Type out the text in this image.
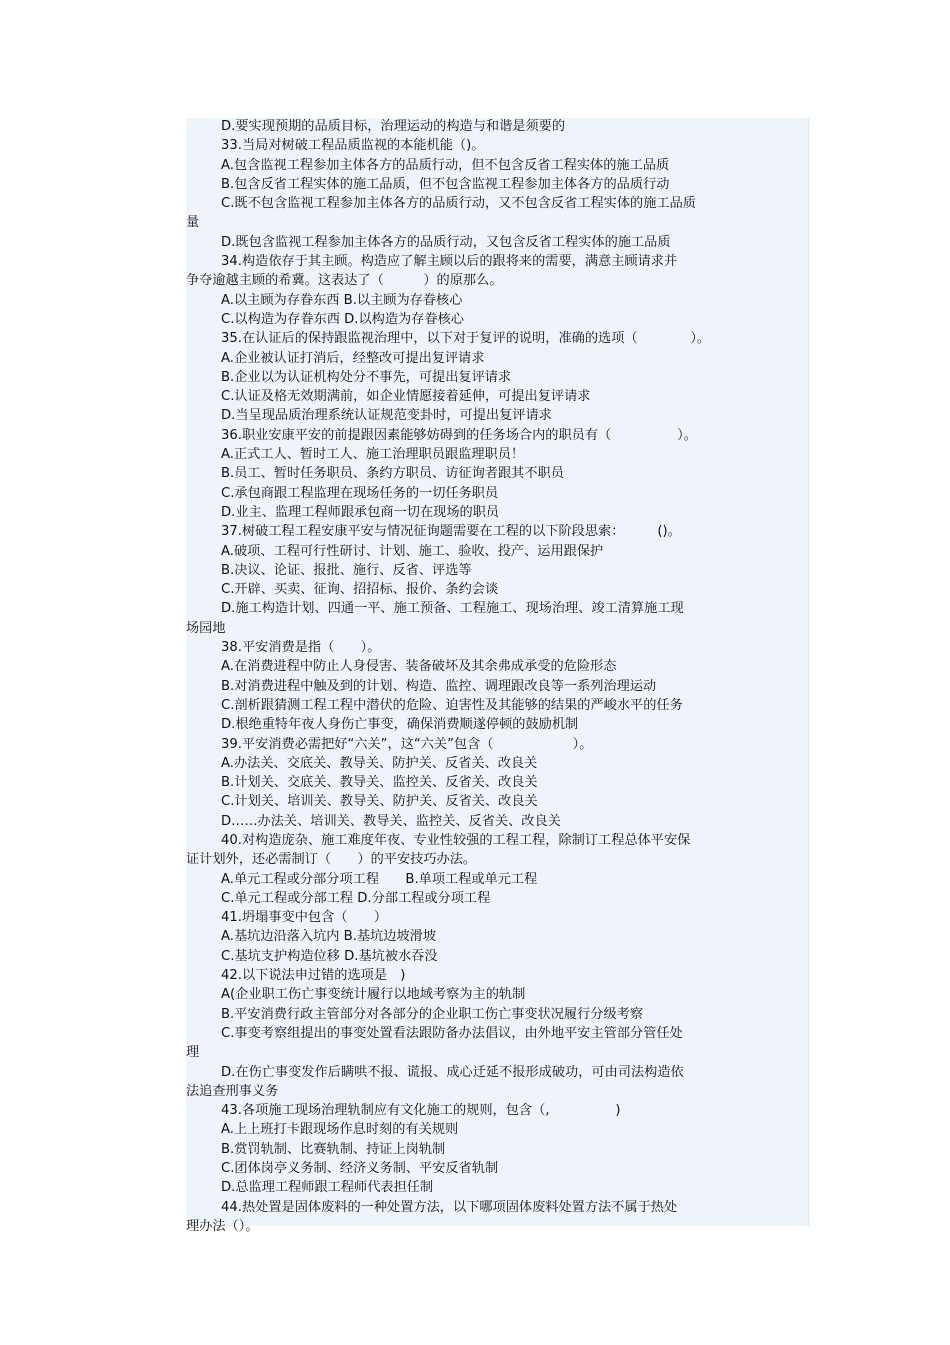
D.要实现预期的品质目标，治理运动的构造与和谐是须要的
33.当局对树破工程品质监视的本能机能（)。
A.包含监视工程参加主体各方的品质行动，但不包含反省工程实体的施工品质
B.包含反省工程实体的施工品质，但不包含监视工程参加主体各方的品质行动
C.既不包含监视工程参加主体各方的品质行动，又不包含反省工程实体的施工品质
量
D.既包含监视工程参加主体各方的品质行动，又包含反省工程实体的施工品质
34.构造依存于其主顾。构造应了解主顾以后的跟将来的需要，满意主顾请求并
争夺逾越主顾的希冀。这表达了（　　　）的原那么。
A.以主顾为存眷东西 B.以主顾为存眷核心
C.以构造为存眷东西 D.以构造为存眷核心
35.在认证后的保持跟监视治理中，以下对于复评的说明，准确的选项（　　　　）。
A.企业被认证打消后，经整改可提出复评请求
B.企业以为认证机构处分不事先，可提出复评请求
C.认证及格无效期满前，如企业情愿接着延伸，可提出复评请求
D.当呈现品质治理系统认证规范变卦时，可提出复评请求
36.职业安康平安的前提跟因素能够妨碍到的任务场合内的职员有（　　　　　）。
A.正式工人、暂时工人、施工治理职员跟监理职员！
B.员工、暂时任务职员、条约方职员、访征询者跟其不职员
C.承包商跟工程监理在现场任务的一切任务职员
D.业主、监理工程师跟承包商一切在现场的职员
37.树破工程工程安康平安与情况征询题需要在工程的以下阶段思索：　　　()。
A.破项、工程可行性研讨、计划、施工、验收、投产、运用跟保护
B.决议、论证、报批、施行、反省、评选等
C.开辟、买卖、征询、招招标、报价、条约会谈
D.施工构造计划、四通一平、施工预备、工程施工、现场治理、竣工清算施工现
场园地
38.平安消费是指（　　）。
A.在消费进程中防止人身侵害、装备破坏及其余弗成承受的危险形态
B.对消费进程中触及到的计划、构造、监控、调理跟改良等一系列治理运动
C.剖析跟猜测工程工程中潜伏的危险、迫害性及其能够的结果的严峻水平的任务
D.根绝重特年夜人身伤亡事变，确保消费顺遂停顿的鼓励机制
39.平安消费必需把好“六关”，这“六关”包含（　　　　　　）。
A.办法关、交底关、教导关、防护关、反省关、改良关
B.计划关、交底关、教导关、监控关、反省关、改良关
C.计划关、培训关、教导关、防护关、反省关、改良关
D……办法关、培训关、教导关、监控关、反省关、改良关
40.对构造庞杂、施工难度年夜、专业性较强的工程工程，除制订工程总体平安保
证计划外，还必需制订（　　）的平安技巧办法。
A.单元工程或分部分项工程　　B.单项工程或单元工程
C.单元工程或分部工程 D.分部工程或分项工程
41.坍塌事变中包含（　　）
A.基坑边沿落入坑内 B.基坑边坡滑坡
C.基坑支护构造位移 D.基坑被水吞没
42.以下说法申过错的选项是　)
A(企业职工伤亡事变统计履行以地域考察为主的轨制
B.平安消费行政主管部分对各部分的企业职工伤亡事变状况履行分级考察
C.事变考察组提出的事变处置看法跟防备办法倡议，由外地平安主管部分管任处
理
D.在伤亡事变发作后瞒哄不报、谎报、成心迁延不报形成破功，可由司法构造依
法追查刑事义务
43.各项施工现场治理轨制应有文化施工的规则，包含（,　　　　　)
A.上上班打卡跟现场作息时刻的有关规则
B.赏罚轨制、比赛轨制、持证上岗轨制
C.团体岗亭义务制、经济义务制、平安反省轨制
D.总监理工程师跟工程师代表担任制
44.热处置是固体废料的一种处置方法，以下哪项固体废料处置方法不属于热处
理办法（）。
